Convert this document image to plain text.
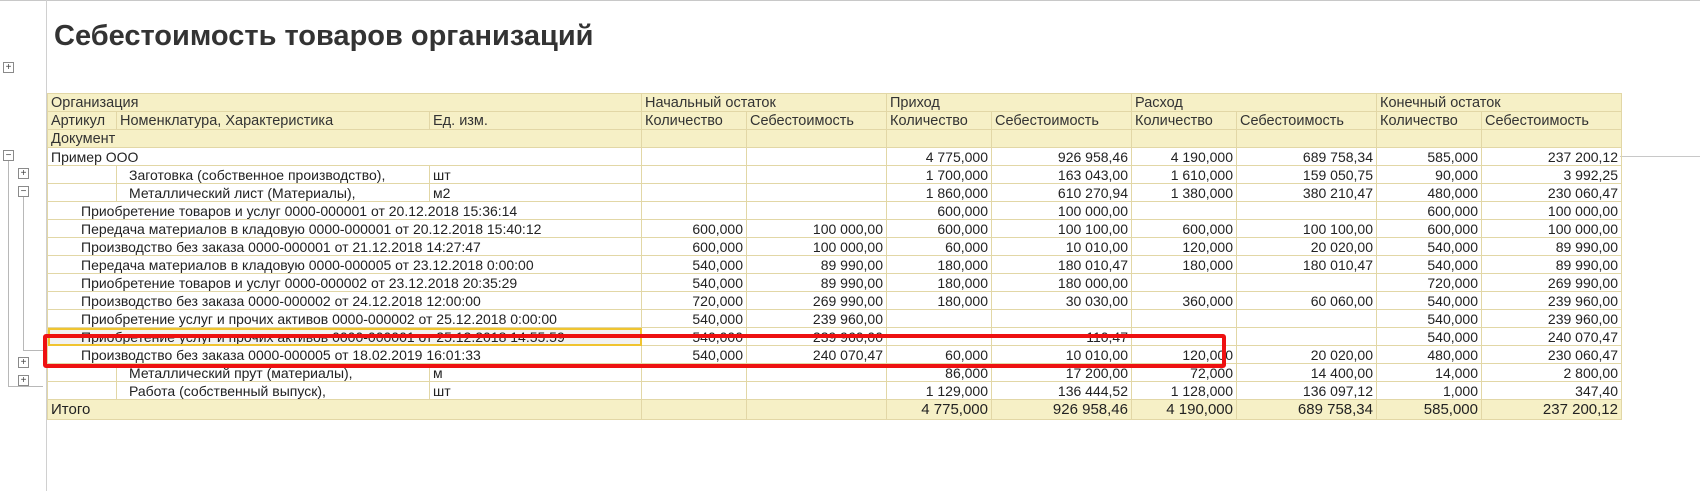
Себестоимость товаров организаций
+
−
+
−
+
+
Организация			Начальный остаток		Приход		Расход		Конечный остаток	
Артикул	Номенклатура, Характеристика	Ед. изм.	Количество	Себестоимость	Количество	Себестоимость	Количество	Себестоимость	Количество	Себестоимость
Документ										
Пример ООО					4 775,000	926 958,46	4 190,000	689 758,34	585,000	237 200,12
	Заготовка (собственное производство),	шт			1 700,000	163 043,00	1 610,000	159 050,75	90,000	3 992,25
	Металлический лист (Материалы),	м2			1 860,000	610 270,94	1 380,000	380 210,47	480,000	230 060,47
Приобретение товаров и услуг 0000-000001 от 20.12.2018 15:36:14					600,000	100 000,00			600,000	100 000,00
Передача материалов в кладовую 0000-000001 от 20.12.2018 15:40:12			600,000	100 000,00	600,000	100 100,00	600,000	100 100,00	600,000	100 000,00
Производство без заказа 0000-000001 от 21.12.2018 14:27:47			600,000	100 000,00	60,000	10 010,00	120,000	20 020,00	540,000	89 990,00
Передача материалов в кладовую 0000-000005 от 23.12.2018 0:00:00			540,000	89 990,00	180,000	180 010,47	180,000	180 010,47	540,000	89 990,00
Приобретение товаров и услуг 0000-000002 от 23.12.2018 20:35:29			540,000	89 990,00	180,000	180 000,00			720,000	269 990,00
Производство без заказа 0000-000002 от 24.12.2018 12:00:00			720,000	269 990,00	180,000	30 030,00	360,000	60 060,00	540,000	239 960,00
Приобретение услуг и прочих активов 0000-000002 от 25.12.2018 0:00:00			540,000	239 960,00					540,000	239 960,00
Приобретение услуг и прочих активов 0000-000001 от 25.12.2018 14:55:59			540,000	239 960,00		110,47			540,000	240 070,47
Производство без заказа 0000-000005 от 18.02.2019 16:01:33			540,000	240 070,47	60,000	10 010,00	120,000	20 020,00	480,000	230 060,47
	Металлический прут (материалы),	м			86,000	17 200,00	72,000	14 400,00	14,000	2 800,00
	Работа (собственный выпуск),	шт			1 129,000	136 444,52	1 128,000	136 097,12	1,000	347,40
Итого					4 775,000	926 958,46	4 190,000	689 758,34	585,000	237 200,12
